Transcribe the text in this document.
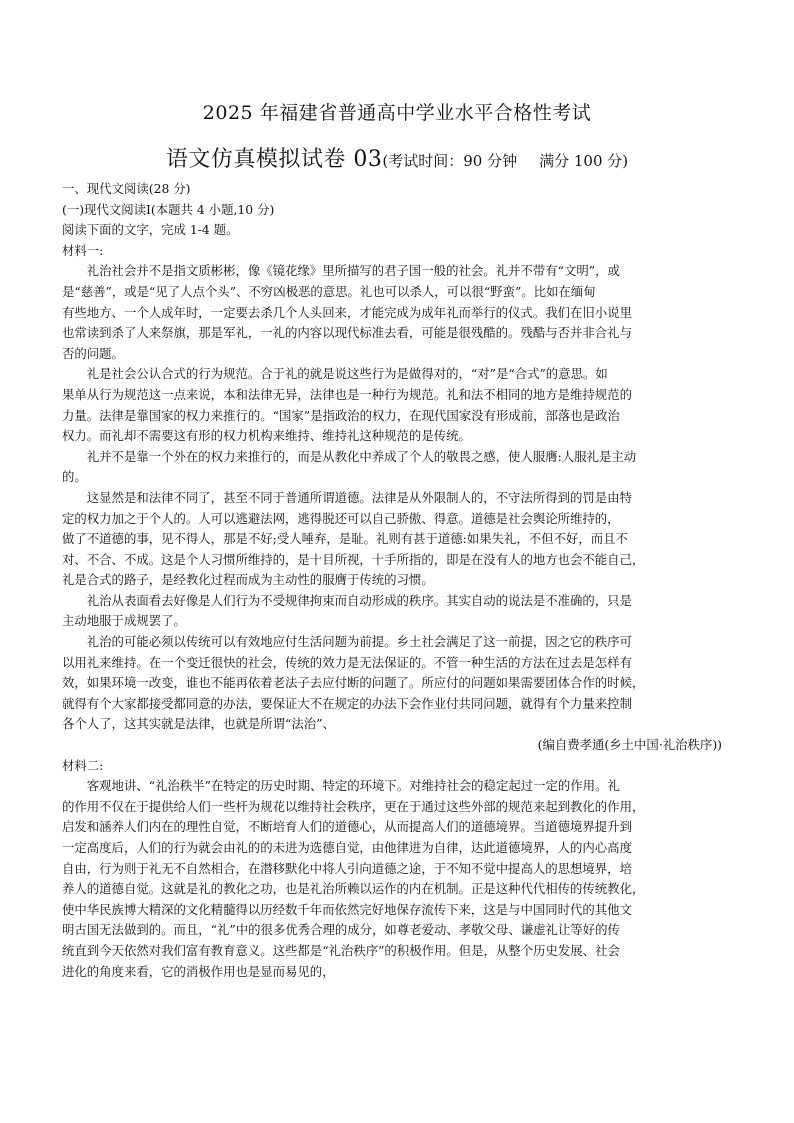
2025 年福建省普通高中学业水平合格性考试
语文仿真模拟试卷 03(考试时间：90 分钟 满分 100 分)
一、现代文阅读(28 分)
(一)现代文阅读Ⅰ(本题共 4 小题,10 分)
阅读下面的文字，完成 1-4 题。
材料一:
　　礼治社会并不是指文质彬彬，像《镜花缘》里所描写的君子国一般的社会。礼并不带有“文明”，或
是“慈善”，或是“见了人点个头”、不穷凶极恶的意思。礼也可以杀人，可以很“野蛮”。比如在缅甸
有些地方、一个人成年时，一定要去杀几个人头回来，才能完成为成年礼而举行的仪式。我们在旧小说里
也常读到杀了人来祭旗，那是军礼，一礼的内容以现代标准去看，可能是很残酷的。残酷与否并非合礼与
否的问题。
　　礼是社会公认合式的行为规范。合于礼的就是说这些行为是做得对的，“对”是“合式”的意思。如
果单从行为规范这一点来说，本和法律无异，法律也是一种行为规范。礼和法不相同的地方是维持规范的
力量。法律是靠国家的权力来推行的。“国家”是指政治的权力，在现代国家没有形成前，部落也是政治
权力。而礼却不需要这有形的权力机构来维持、维持礼这种规范的是传统。
　　礼并不是靠一个外在的权力来推行的，而是从教化中养成了个人的敬畏之感，使人服膺:人服礼是主动
的。
　　这显然是和法律不同了，甚至不同于普通所谓道德。法律是从外限制人的，不守法所得到的罚是由特
定的权力加之于个人的。人可以逃避法网，逃得脱还可以自己骄傲、得意。道德是社会舆论所维持的，
做了不道德的事，见不得人，那是不好;受人唾弃，是耻。礼则有甚于道德:如果失礼，不但不好，而且不
对、不合、不成。这是个人习惯所维持的，是十目所视，十手所指的，即是在没有人的地方也会不能自己，
礼是合式的路子，是经教化过程而成为主动性的服膺于传统的习惯。
　　礼治从表面看去好像是人们行为不受规律拘束而自动形成的秩序。其实自动的说法是不准确的，只是
主动地服于成规罢了。
　　礼治的可能必须以传统可以有效地应付生活问题为前提。乡土社会满足了这一前提，因之它的秩序可
以用礼来维持。在一个变迁很快的社会，传统的效力是无法保证的。不管一种生活的方法在过去是怎样有
效，如果环境一改变，谁也不能再依着老法子去应付断的问题了。所应付的问题如果需要团体合作的时候，
就得有个大家都接受都同意的办法，要保证大不在规定的办法下会作业付共同问题，就得有个力量来控制
各个人了，这其实就是法律，也就是所谓“法治”、
(编自费孝通(乡土中国·礼治秩序))
材料二:
　　客观地讲、“礼治秩半”在特定的历史时期、特定的环境下。对维持社会的稳定起过一定的作用。礼
的作用不仅在于提供给人们一些杆为规花以维持社会秩序，更在于通过这些外部的规范来起到教化的作用，
启发和涵养人们内在的理性自觉，不断培育人们的道德心，从而提高人们的道德境界。当道德境界提升到
一定高度后，人们的行为就会由礼的的未进为选德自觉，由他律进为自律，达此道德境界，人的内心高度
自由，行为则于礼无不自然相合，在潜移默化中将人引向道德之途，于不知不觉中提高人的思想境界，培
养人的道德自觉。这就是礼的教化之功，也是礼治所赖以运作的内在机制。正是这种代代相传的传统教化，
使中华民族博大精深的文化精髓得以历经数千年而依然完好地保存流传下来，这是与中国同时代的其他文
明古国无法做到的。而且，“礼”中的很多优秀合理的成分，如尊老爱动、孝敬父母、谦虚礼让等好的传
统直到今天依然对我们富有教育意义。这些都是“礼治秩序”的积极作用。但是，从整个历史发展、社会
进化的角度来看，它的消极作用也是显而易见的，
